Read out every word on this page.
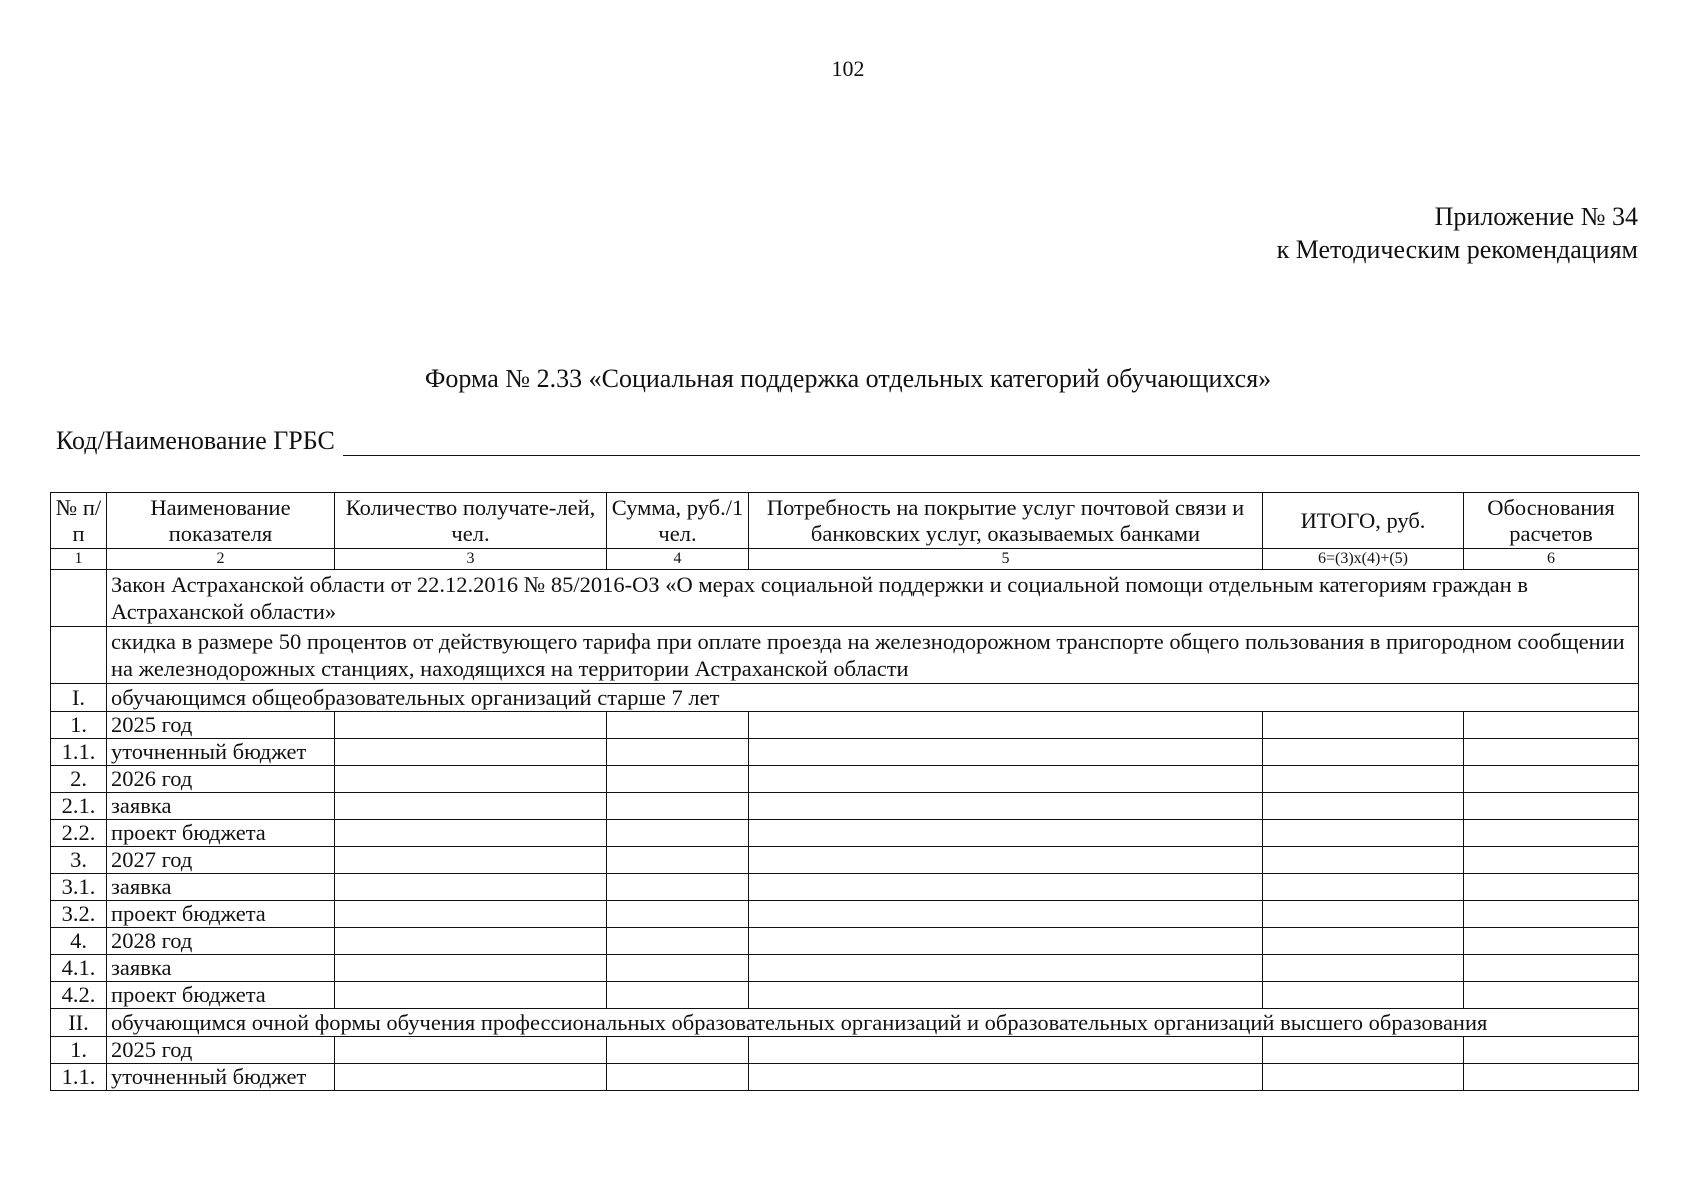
102
Приложение № 34
к Методическим рекомендациям
Форма № 2.33 «Социальная поддержка отдельных категорий обучающихся»
Код/Наименование ГРБС
№ п/п	Наименование показателя	Количество получате-лей, чел.	Сумма, руб./1 чел.	Потребность на покрытие услуг почтовой связи и банковских услуг, оказываемых банками	ИТОГО, руб.	Обоснования расчетов
1	2	3	4	5	6=(3)x(4)+(5)	6
	Закон Астраханской области от 22.12.2016 № 85/2016-ОЗ «О мерах социальной поддержки и социальной помощи отдельным категориям граждан в Астраханской области»					
	скидка в размере 50 процентов от действующего тарифа при оплате проезда на железнодорожном транспорте общего пользования в пригородном сообщении на железнодорожных станциях, находящихся на территории Астраханской области					
I.	обучающимся общеобразовательных организаций старше 7 лет					
1.	2025 год					
1.1.	уточненный бюджет					
2.	2026 год					
2.1.	заявка					
2.2.	проект бюджета					
3.	2027 год					
3.1.	заявка					
3.2.	проект бюджета					
4.	2028 год					
4.1.	заявка					
4.2.	проект бюджета					
II.	обучающимся очной формы обучения профессиональных образовательных организаций и образовательных организаций высшего образования					
1.	2025 год					
1.1.	уточненный бюджет					
